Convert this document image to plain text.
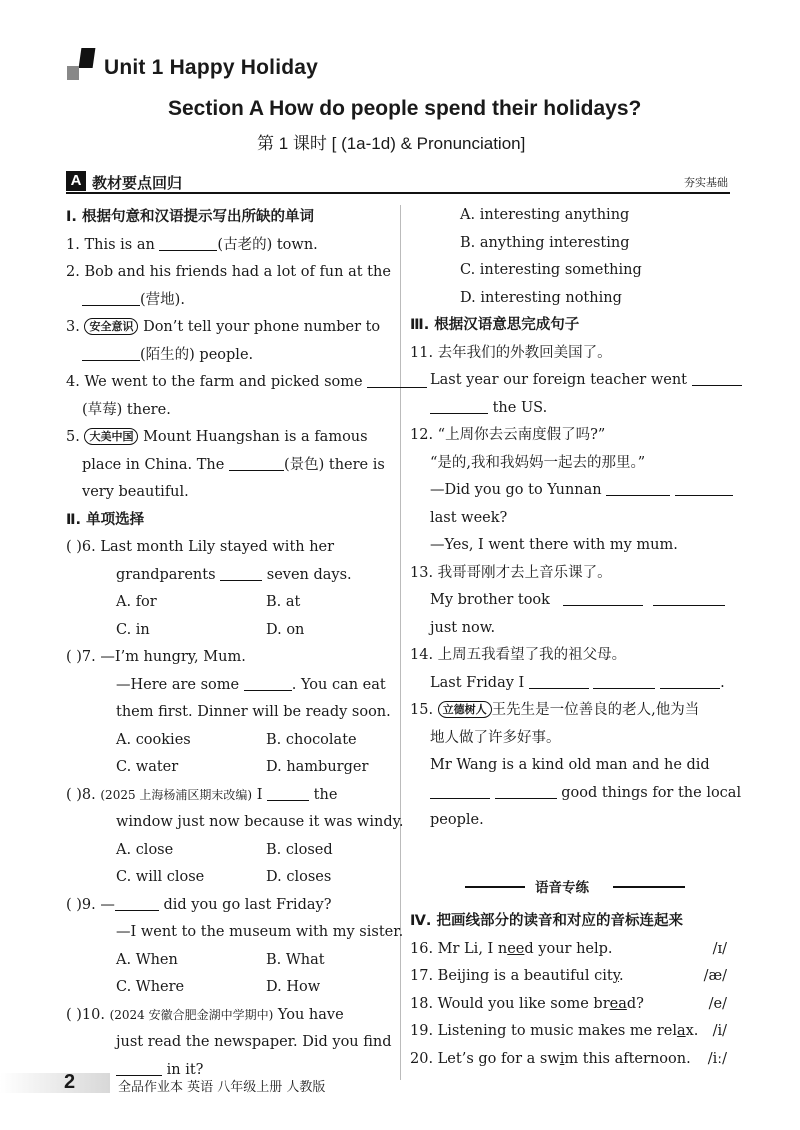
Unit 1 Happy Holiday
Section A How do people spend their holidays?
第 1 课时 [ (1a-1d) & Pronunciation]
A 教材要点回归	夯实基础
Ⅰ. 根据句意和汉语提示写出所缺的单词
1. This is an	(古老的) town.
2. Bob and his friends had a lot of fun at the
(营地).
3. 安全意识 Don’t tell your phone number to
(陌生的) people.
4. We went to the farm and picked some
(草莓) there.
5. 大美中国 Mount Huangshan is a famous
place in China. The	(景色) there is
very beautiful.
Ⅱ. 单项选择
( )6. Last month Lily stayed with her
grandparents	seven days.
A. for	B. at
C. in	D. on
( )7. —I’m hungry, Mum.
—Here are some	. You can eat
them first. Dinner will be ready soon.
A. cookies	B. chocolate
C. water	D. hamburger
( )8. (2025 上海杨浦区期末改编) I	the
window just now because it was windy.
A. close	B. closed
C. will close	D. closes
( )9. —	did you go last Friday?
—I went to the museum with my sister.
A. When	B. What
C. Where	D. How
( )10. (2024 安徽合肥金湖中学期中) You have
just read the newspaper. Did you find
in it?
A. interesting anything
B. anything interesting
C. interesting something
D. interesting nothing
Ⅲ. 根据汉语意思完成句子
11. 去年我们的外教回美国了。
Last year our foreign teacher went
the US.
12. “上周你去云南度假了吗?”
“是的,我和我妈妈一起去的那里。”
—Did you go to Yunnan
last week?
—Yes, I went there with my mum.
13. 我哥哥刚才去上音乐课了。
My brother took
just now.
14. 上周五我看望了我的祖父母。
Last Friday I	.
15. 立德树人 王先生是一位善良的老人,他为当
地人做了许多好事。
Mr Wang is a kind old man and he did
good things for the local
people.
语音专练
Ⅳ. 把画线部分的读音和对应的音标连起来
16. Mr Li, I need your help.	/ɪ/
17. Beijing is a beautiful city.	/æ/
18. Would you like some bread?	/e/
19. Listening to music makes me relax. /i/
20. Let’s go for a swim this afternoon. /iː/
2	全品作业本 英语 八年级上册 人教版
